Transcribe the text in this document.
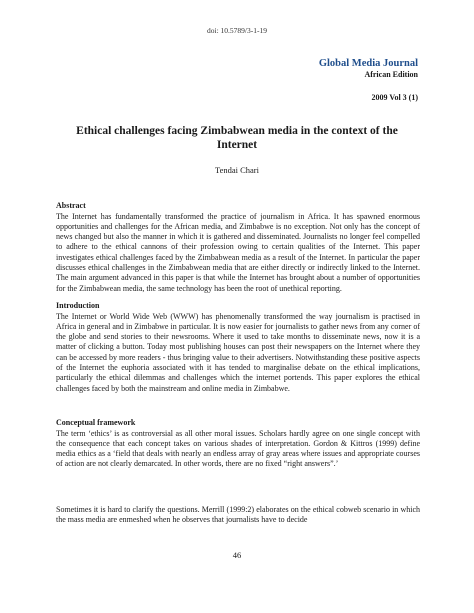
doi: 10.5789/3-1-19
Global Media Journal
African Edition
2009 Vol 3 (1)
Ethical challenges facing Zimbabwean media in the context of the
Internet
Tendai Chari
Abstract

The Internet has fundamentally transformed the practice of journalism in Africa. It has spawned enormous opportunities and challenges for the African media, and Zimbabwe is no exception. Not only has the concept of news changed but also the manner in which it is gathered and disseminated. Journalists no longer feel compelled to adhere to the ethical cannons of their profession owing to certain qualities of the Internet. This paper investigates ethical challenges faced by the Zimbabwean media as a result of the Internet. In particular the paper discusses ethical challenges in the Zimbabwean media that are either directly or indirectly linked to the Internet. The main argument advanced in this paper is that while the Internet has brought about a number of opportunities for the Zimbabwean media, the same technology has been the root of unethical reporting.

Introduction

The Internet or World Wide Web (WWW) has phenomenally transformed the way journalism is practised in Africa in general and in Zimbabwe in particular. It is now easier for journalists to gather news from any corner of the globe and send stories to their newsrooms. Where it used to take months to disseminate news, now it is a matter of clicking a button. Today most publishing houses can post their newspapers on the Internet where they can be accessed by more readers - thus bringing value to their advertisers. Notwithstanding these positive aspects of the Internet the euphoria associated with it has tended to marginalise debate on the ethical implications, particularly the ethical dilemmas and challenges which the internet portends. This paper explores the ethical challenges faced by both the mainstream and online media in Zimbabwe.

Conceptual framework

The term ‘ethics’ is as controversial as all other moral issues. Scholars hardly agree on one single concept with the consequence that each concept takes on various shades of interpretation. Gordon & Kittros (1999) define media ethics as a ‘field that deals with nearly an endless array of gray areas where issues and appropriate courses of action are not clearly demarcated. In other words, there are no fixed “right answers”.’

Sometimes it is hard to clarify the questions. Merrill (1999:2) elaborates on the ethical cobweb scenario in which the mass media are enmeshed when he observes that journalists have to decide

46
